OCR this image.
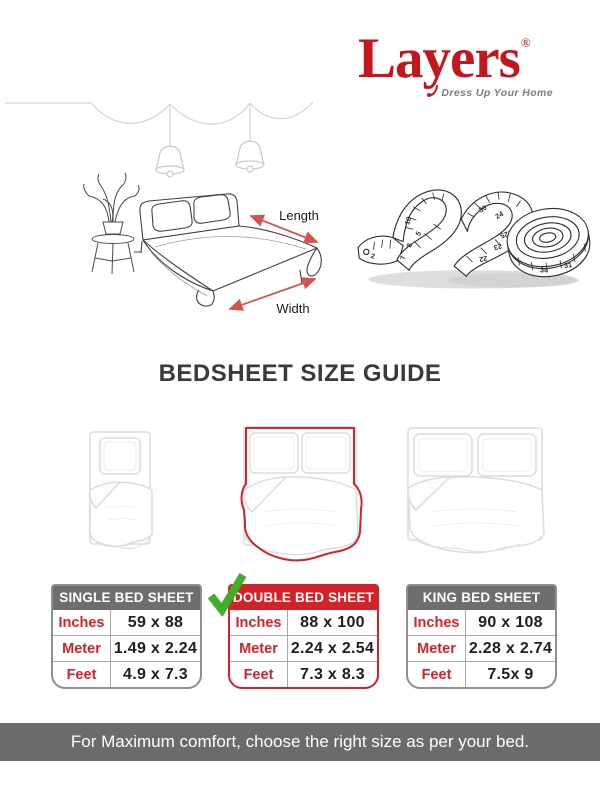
Layers®
Dress Up Your Home
Length
Width
2
10
5
8
7
30
24
25
23
22
34
31
BEDSHEET SIZE GUIDE
SINGLE BED SHEET
Inches	59 x 88
Meter 1.49 x 2.24
Feet	4.9 x 7.3
DOUBLE BED SHEET
Inches	88 x 100
Meter 2.24 x 2.54
Feet	7.3 x 8.3
KING BED SHEET
Inches	90 x 108
Meter 2.28 x 2.74
Feet	7.5x 9
For Maximum comfort, choose the right size as per your bed.
